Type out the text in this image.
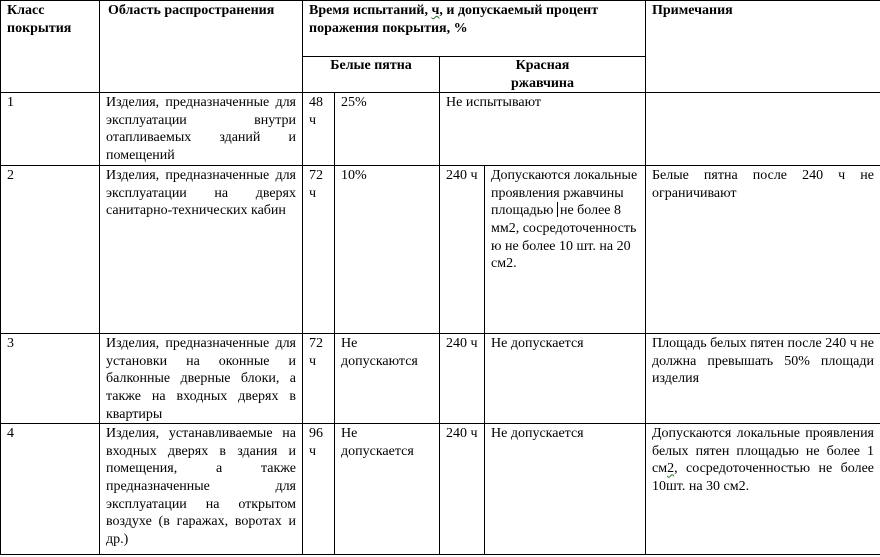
Класс покрытия	Область распространения	Время испытаний, ч, и допускаемый процент поражения покрытия, %				Примечания
		Белые пятна		Красная ржавчина		
1	Изделия, предназначенные для эксплуатации внутри отапливаемых зданий и помещений	48 ч	25%	Не испытывают		
2	Изделия, предназначенные для эксплуатации на дверях санитарно-технических кабин	72 ч	10%	240 ч	Допускаются локальные проявления ржавчины площадью не более 8 мм2, сосредоточенность ю не более 10 шт. на 20 см2.	Белые пятна после 240 ч не ограничивают
3	Изделия, предназначенные для установки на оконные и балконные дверные блоки, а также на входных дверях в квартиры	72 ч	Не допускаются	240 ч	Не допускается	Площадь белых пятен после 240 ч не должна превышать 50% площади изделия
4	Изделия, устанавливаемые на входных дверях в здания и помещения, а также предназначенные для эксплуатации на открытом воздухе (в гаражах, воротах и др.)	96 ч	Не допускается	240 ч	Не допускается	Допускаются локальные проявления белых пятен площадью не более 1 см2, сосредоточенностью не более 10шт. на 30 см2.
